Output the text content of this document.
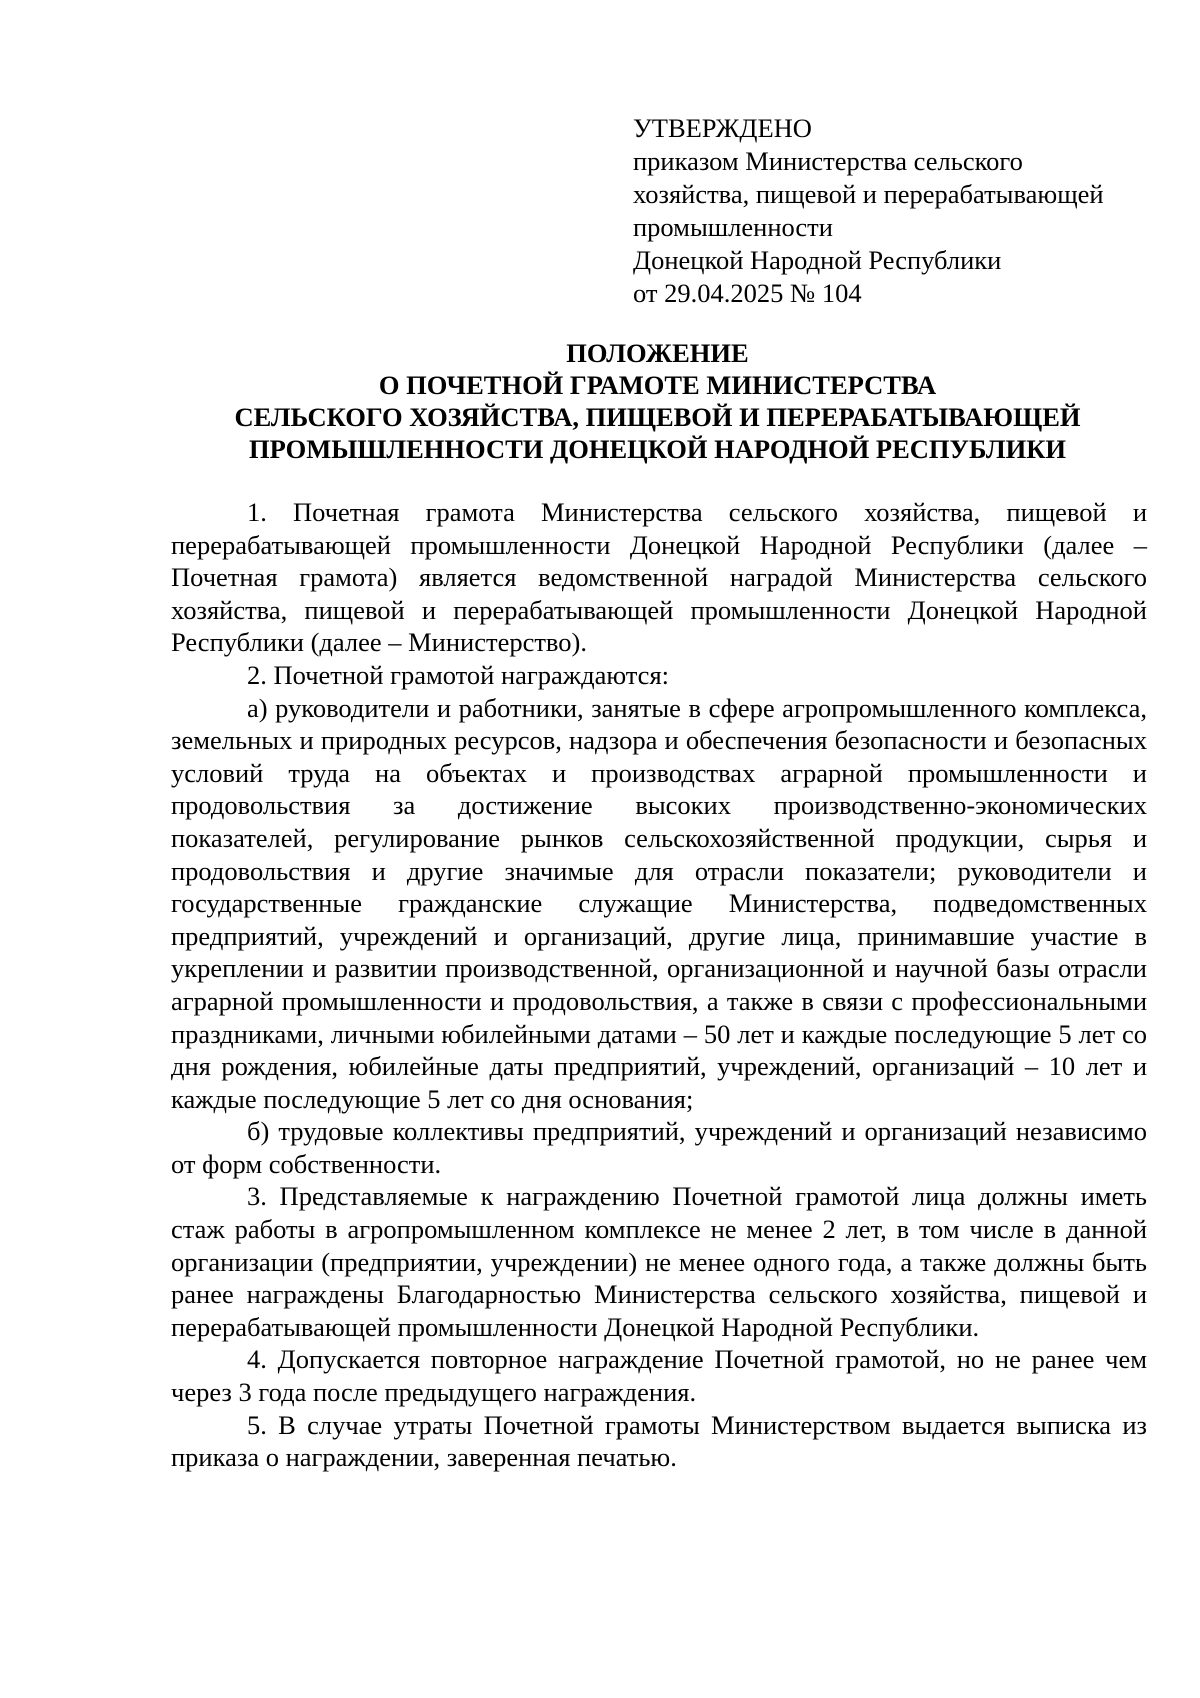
УТВЕРЖДЕНО
приказом Министерства сельского
хозяйства, пищевой и перерабатывающей
промышленности
Донецкой Народной Республики
от 29.04.2025 № 104
ПОЛОЖЕНИЕ
О ПОЧЕТНОЙ ГРАМОТЕ МИНИСТЕРСТВА
СЕЛЬСКОГО ХОЗЯЙСТВА, ПИЩЕВОЙ И ПЕРЕРАБАТЫВАЮЩЕЙ
ПРОМЫШЛЕННОСТИ ДОНЕЦКОЙ НАРОДНОЙ РЕСПУБЛИКИ

1. Почетная грамота Министерства сельского хозяйства, пищевой и перерабатывающей промышленности Донецкой Народной Республики (далее – Почетная грамота) является ведомственной наградой Министерства сельского хозяйства, пищевой и перерабатывающей промышленности Донецкой Народной Республики (далее – Министерство).

2. Почетной грамотой награждаются:

а) руководители и работники, занятые в сфере агропромышленного комплекса, земельных и природных ресурсов, надзора и обеспечения безопасности и безопасных условий труда на объектах и производствах аграрной промышленности и продовольствия за достижение высоких производственно-экономических показателей, регулирование рынков сельскохозяйственной продукции, сырья и продовольствия и другие значимые для отрасли показатели; руководители и государственные гражданские служащие Министерства, подведомственных предприятий, учреждений и организаций, другие лица, принимавшие участие в укреплении и развитии производственной, организационной и научной базы отрасли аграрной промышленности и продовольствия, а также в связи с профессиональными праздниками, личными юбилейными датами – 50 лет и каждые последующие 5 лет со дня рождения, юбилейные даты предприятий, учреждений, организаций – 10 лет и каждые последующие 5 лет со дня основания;

б) трудовые коллективы предприятий, учреждений и организаций независимо от форм собственности.

3. Представляемые к награждению Почетной грамотой лица должны иметь стаж работы в агропромышленном комплексе не менее 2 лет, в том числе в данной организации (предприятии, учреждении) не менее одного года, а также должны быть ранее награждены Благодарностью Министерства сельского хозяйства, пищевой и перерабатывающей промышленности Донецкой Народной Республики.

4. Допускается повторное награждение Почетной грамотой, но не ранее чем через 3 года после предыдущего награждения.

5. В случае утраты Почетной грамоты Министерством выдается выписка из приказа о награждении, заверенная печатью.
